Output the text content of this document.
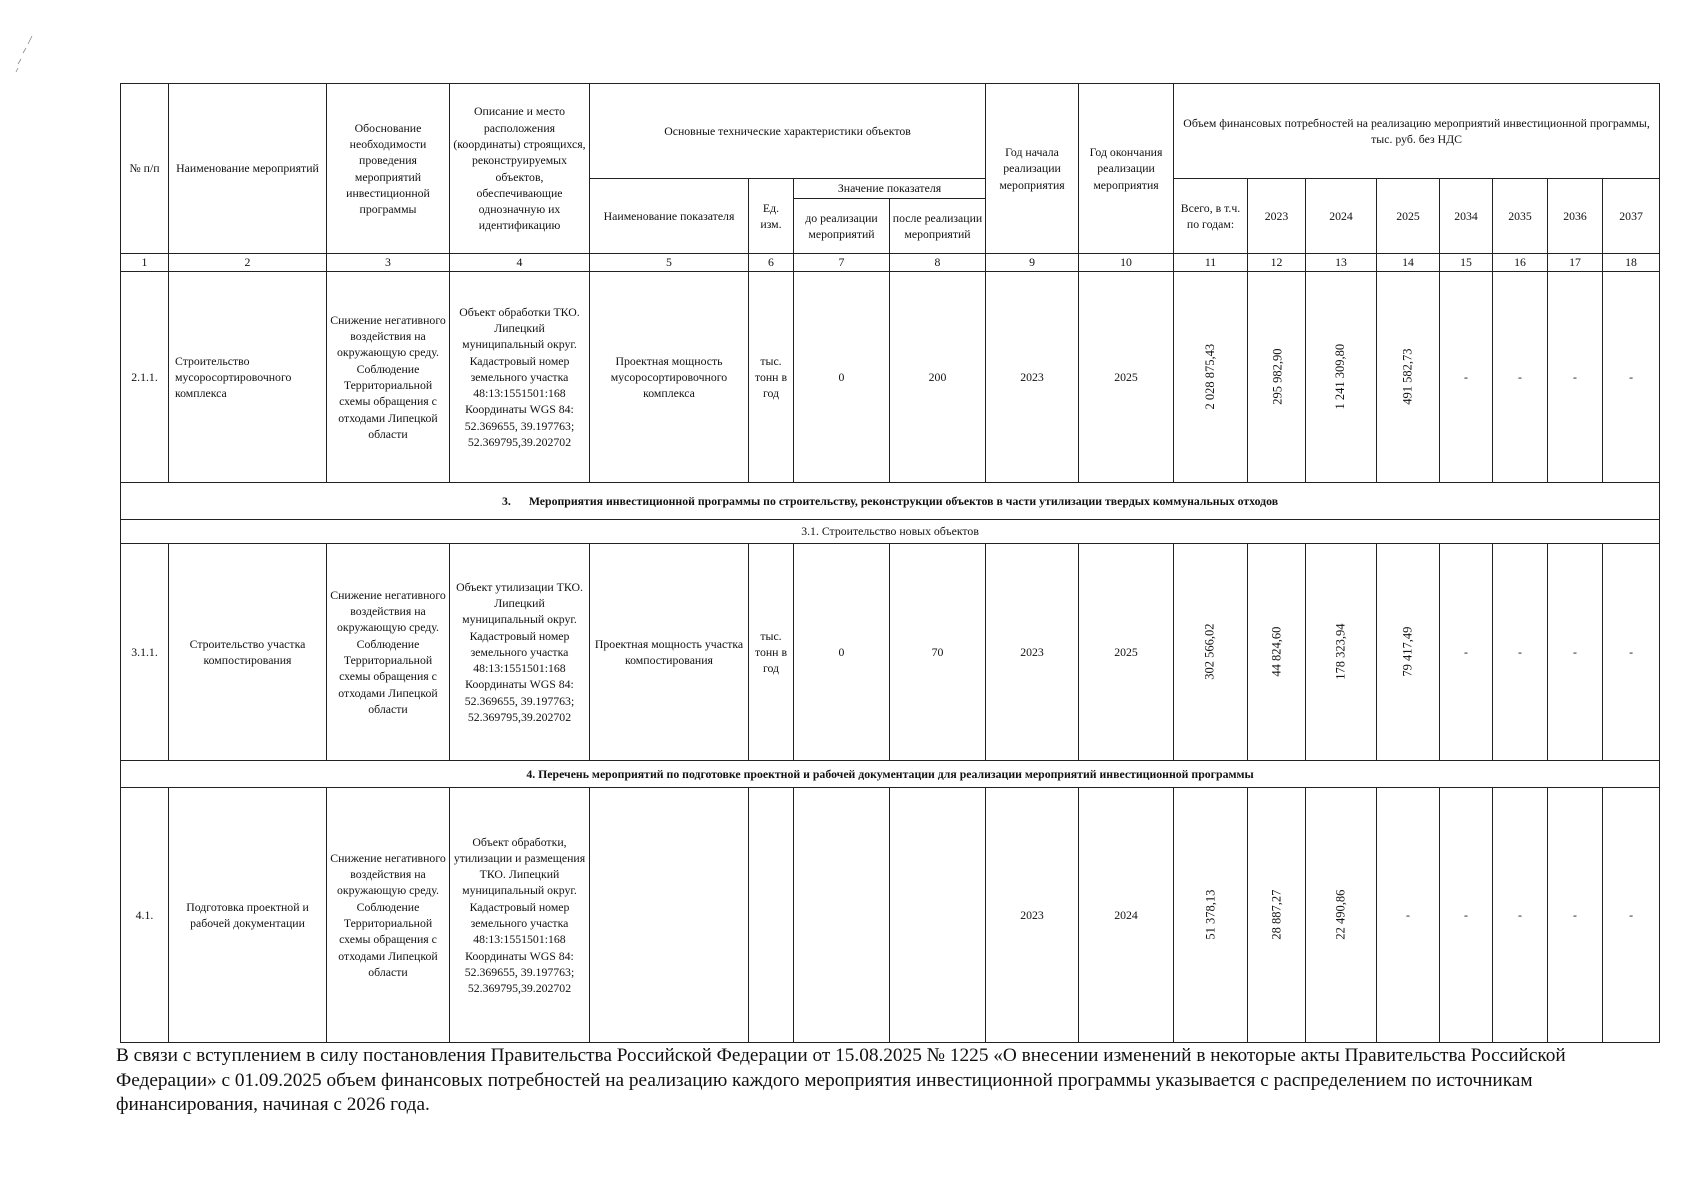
№ п/п	Наименование мероприятий	Обоснование необходимости проведения мероприятий инвестиционной программы	Описание и место расположения (координаты) строящихся, реконструируемых объектов, обеспечивающие однозначную их идентификацию	Основные технические характеристики объектов				Год начала реализации мероприятия	Год окончания реализации мероприятия	Объем финансовых потребностей на реализацию мероприятий инвестиционной программы, тыс. руб. без НДС							
				Наименование показателя	Ед. изм.	Значение показателя				Всего, в т.ч. по годам:	2023	2024	2025	2034	2035	2036	2037
						до реализации мероприятий	после реализации мероприятий										
1	2	3	4	5	6	7	8	9	10	11	12	13	14	15	16	17	18
2.1.1.	Строительство мусоросортировочного комплекса	Снижение негативного воздействия на окружающую среду. Соблюдение Территориальной схемы обращения с отходами Липецкой области	Объект обработки ТКО. Липецкий муниципальный округ. Кадастровый номер земельного участка 48:13:1551501:168 Координаты WGS 84: 52.369655, 39.197763; 52.369795,39.202702	Проектная мощность мусоросортировочного комплекса	тыс. тонн в год	0	200	2023	2025	2 028 875,43	295 982,90	1 241 309,80	491 582,73	-	-	-	-
3. Мероприятия инвестиционной программы по строительству, реконструкции объектов в части утилизации твердых коммунальных отходов																	
3.1. Строительство новых объектов																	
3.1.1.	Строительство участка компостирования	Снижение негативного воздействия на окружающую среду. Соблюдение Территориальной схемы обращения с отходами Липецкой области	Объект утилизации ТКО. Липецкий муниципальный округ. Кадастровый номер земельного участка 48:13:1551501:168 Координаты WGS 84: 52.369655, 39.197763; 52.369795,39.202702	Проектная мощность участка компостирования	тыс. тонн в год	0	70	2023	2025	302 566,02	44 824,60	178 323,94	79 417,49	-	-	-	-
4. Перечень мероприятий по подготовке проектной и рабочей документации для реализации мероприятий инвестиционной программы																	
4.1.	Подготовка проектной и рабочей документации	Снижение негативного воздействия на окружающую среду. Соблюдение Территориальной схемы обращения с отходами Липецкой области	Объект обработки, утилизации и размещения ТКО. Липецкий муниципальный округ. Кадастровый номер земельного участка 48:13:1551501:168 Координаты WGS 84: 52.369655, 39.197763; 52.369795,39.202702					2023	2024	51 378,13	28 887,27	22 490,86	-	-	-	-	-
В связи с вступлением в силу постановления Правительства Российской Федерации от 15.08.2025 № 1225 «О внесении изменений в некоторые акты Правительства Российской Федерации» с 01.09.2025 объем финансовых потребностей на реализацию каждого мероприятия инвестиционной программы указывается с распределением по источникам финансирования, начиная с 2026 года.
